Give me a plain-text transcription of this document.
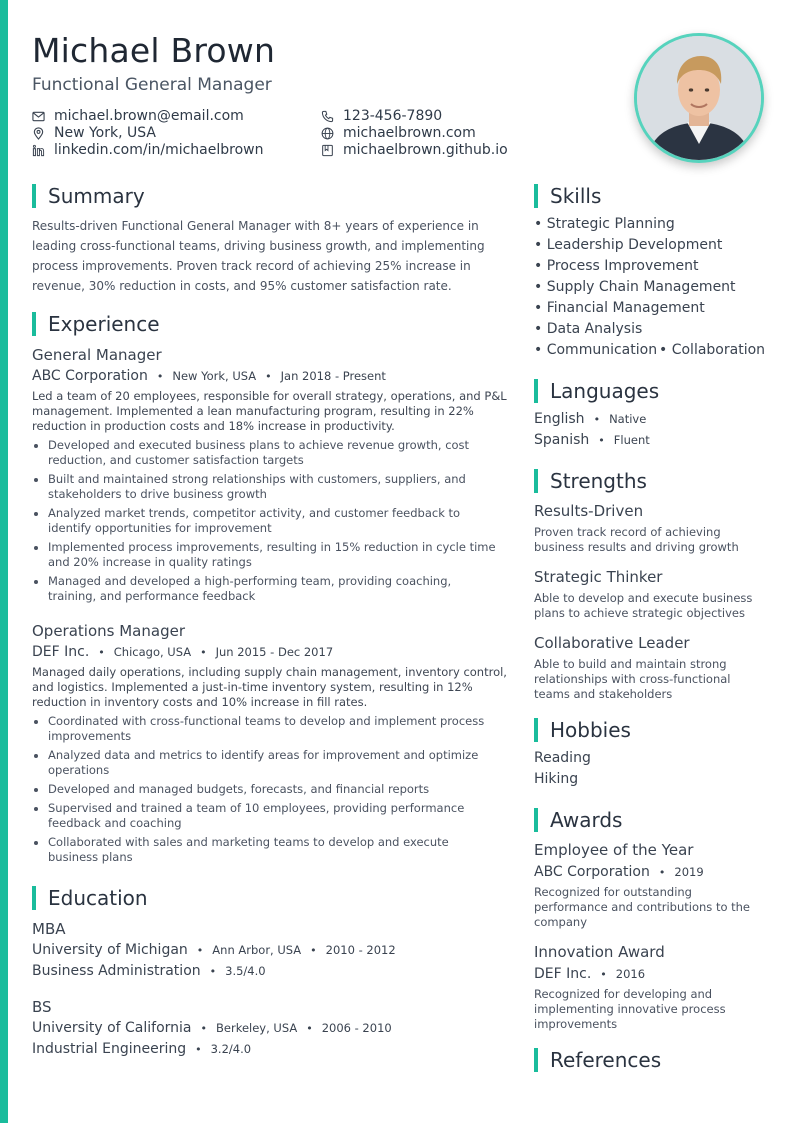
Michael Brown
Functional General Manager
michael.brown@email.com	123-456-7890
New York, USA	michaelbrown.com
linkedin.com/in/michaelbrown	michaelbrown.github.io
Summary
Results-driven Functional General Manager with 8+ years of experience in leading cross-functional teams, driving business growth, and implementing process improvements. Proven track record of achieving 25% increase in revenue, 30% reduction in costs, and 95% customer satisfaction rate.
Experience
General Manager
ABC Corporation • New York, USA • Jan 2018 - Present
Led a team of 20 employees, responsible for overall strategy, operations, and P&L management. Implemented a lean manufacturing program, resulting in 22% reduction in production costs and 18% increase in productivity.
Developed and executed business plans to achieve revenue growth, cost reduction, and customer satisfaction targets
Built and maintained strong relationships with customers, suppliers, and stakeholders to drive business growth
Analyzed market trends, competitor activity, and customer feedback to identify opportunities for improvement
Implemented process improvements, resulting in 15% reduction in cycle time and 20% increase in quality ratings
Managed and developed a high-performing team, providing coaching, training, and performance feedback
Operations Manager
DEF Inc. • Chicago, USA • Jun 2015 - Dec 2017
Managed daily operations, including supply chain management, inventory control, and logistics. Implemented a just-in-time inventory system, resulting in 12% reduction in inventory costs and 10% increase in fill rates.
Coordinated with cross-functional teams to develop and implement process improvements
Analyzed data and metrics to identify areas for improvement and optimize operations
Developed and managed budgets, forecasts, and financial reports
Supervised and trained a team of 10 employees, providing performance feedback and coaching
Collaborated with sales and marketing teams to develop and execute business plans
Education
MBA
University of Michigan • Ann Arbor, USA • 2010 - 2012
Business Administration • 3.5/4.0
BS
University of California • Berkeley, USA • 2006 - 2010
Industrial Engineering • 3.2/4.0
Skills
• Strategic Planning
• Leadership Development
• Process Improvement
• Supply Chain Management
• Financial Management
• Data Analysis
• Communication • Collaboration
Languages
English • Native
Spanish • Fluent
Strengths
Results-Driven
Proven track record of achieving business results and driving growth
Strategic Thinker
Able to develop and execute business plans to achieve strategic objectives
Collaborative Leader
Able to build and maintain strong relationships with cross-functional teams and stakeholders
Hobbies
Reading
Hiking
Awards
Employee of the Year
ABC Corporation • 2019
Recognized for outstanding performance and contributions to the company
Innovation Award
DEF Inc. • 2016
Recognized for developing and implementing innovative process improvements
References
